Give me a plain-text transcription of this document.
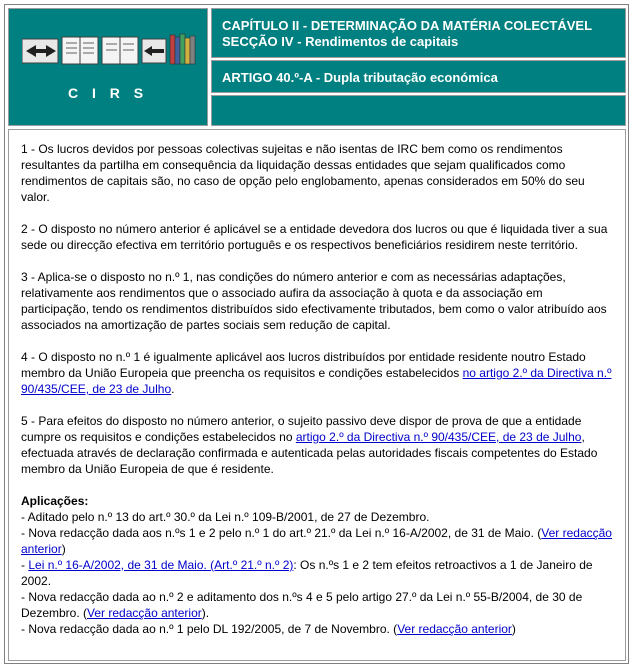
C I R S
CAPÍTULO II - DETERMINAÇÃO DA MATÉRIA COLECTÁVEL
SECÇÃO IV - Rendimentos de capitais
ARTIGO 40.º-A - Dupla tributação económica

1 - Os lucros devidos por pessoas colectivas sujeitas e não isentas de IRC bem como os rendimentos resultantes da partilha em consequência da liquidação dessas entidades que sejam qualificados como rendimentos de capitais são, no caso de opção pelo englobamento, apenas considerados em 50% do seu valor.

2 - O disposto no número anterior é aplicável se a entidade devedora dos lucros ou que é liquidada tiver a sua sede ou direcção efectiva em território português e os respectivos beneficiários residirem neste território.

3 - Aplica-se o disposto no n.º 1, nas condições do número anterior e com as necessárias adaptações, relativamente aos rendimentos que o associado aufira da associação à quota e da associação em participação, tendo os rendimentos distribuídos sido efectivamente tributados, bem como o valor atribuído aos associados na amortização de partes sociais sem redução de capital.

4 - O disposto no n.º 1 é igualmente aplicável aos lucros distribuídos por entidade residente noutro Estado membro da União Europeia que preencha os requisitos e condições estabelecidos no artigo 2.º da Directiva n.º 90/435/CEE, de 23 de Julho.

5 - Para efeitos do disposto no número anterior, o sujeito passivo deve dispor de prova de que a entidade cumpre os requisitos e condições estabelecidos no artigo 2.º da Directiva n.º 90/435/CEE, de 23 de Julho, efectuada através de declaração confirmada e autenticada pelas autoridades fiscais competentes do Estado membro da União Europeia de que é residente.

Aplicações:
- Aditado pelo n.º 13 do art.º 30.º da Lei n.º 109-B/2001, de 27 de Dezembro.
- Nova redacção dada aos n.ºs 1 e 2 pelo n.º 1 do art.º 21.º da Lei n.º 16-A/2002, de 31 de Maio. (Ver redacção anterior)
- Lei n.º 16-A/2002, de 31 de Maio. (Art.º 21.º n.º 2): Os n.ºs 1 e 2 tem efeitos retroactivos a 1 de Janeiro de 2002.
- Nova redacção dada ao n.º 2 e aditamento dos n.ºs 4 e 5 pelo artigo 27.º da Lei n.º 55-B/2004, de 30 de Dezembro. (Ver redacção anterior).
- Nova redacção dada ao n.º 1 pelo DL 192/2005, de 7 de Novembro. (Ver redacção anterior)
